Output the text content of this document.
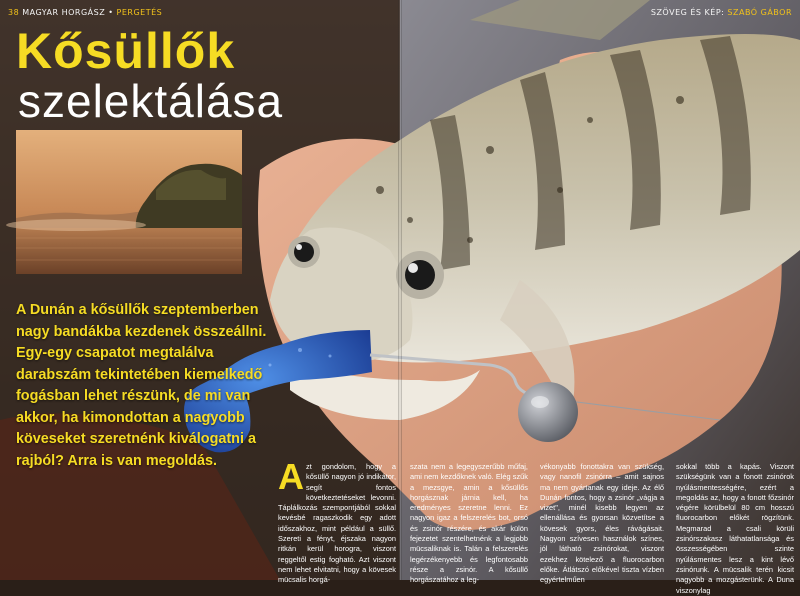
38 MAGYAR HORGÁSZ • PERGETÉS	SZÖVEG ÉS KÉP: SZABÓ GÁBOR
Kősüllők
szelektálása
A Dunán a kősüllők szeptemberben nagy bandákba kezdenek összeállni. Egy-egy csapatot megtalálva darabszám tekintetében kiemelkedő fogásban lehet részünk, de mi van akkor, ha kimondottan a nagyobb köveseket szeretnénk kiválogatni a rajból? Arra is van megoldás.	Azt gondolom, hogy a kősüllő nagyon jó indikátor, segít fontos következtetéseket levonni. Táplálkozás szempontjából sokkal kevésbé ragaszkodik egy adott időszakhoz, mint például a süllő. Szereti a fényt, éjszaka nagyon ritkán kerül horogra, viszont reggeltől estig fogható. Azt viszont nem lehet elvitatni, hogy a kövesek mücsalis horgá-
szata nem a legegyszerűbb műfaj, ami nem kezdőknek való. Elég szűk a mezsgye, amin a kősüllős horgásznak járnia kell, ha eredményes szeretne lenni. Ez nagyon igaz a felszerelés bot, orsó és zsinór részére, és akár külön fejezetet szentelhetnénk a legjobb mücsaliknak is. Talán a felszerelés legérzékenyebb és legfontosabb része a zsinór. A kősüllő horgászatához a leg-
vékonyabb fonottakra van szükség, vagy nanofil zsinórra – amit sajnos ma nem gyártanak egy ideje. Az élő Dunán fontos, hogy a zsinór „vágja a vizet", minél kisebb legyen az ellenállása és gyorsan közvetítse a kövesek gyors, éles rávágásait. Nagyon szívesen használok színes, jól látható zsinórokat, viszont ezekhez kötelező a fluorocarbon előke. Átlátszó előkével tiszta vízben egyértelműen
sokkal több a kapás. Viszont szükségünk van a fonott zsinórok nyúlásmentességére, ezért a megoldás az, hogy a fonott főzsinór végére körülbelül 80 cm hosszú fluorocarbon előkét rögzítünk. Megmarad a csali körüli zsinórszakasz láthatatlansága és összességében szinte nyúlásmentes lesz a kint lévő zsinórunk. A mücsalik terén kicsit nagyobb a mozgásterünk. A Duna viszonylag
